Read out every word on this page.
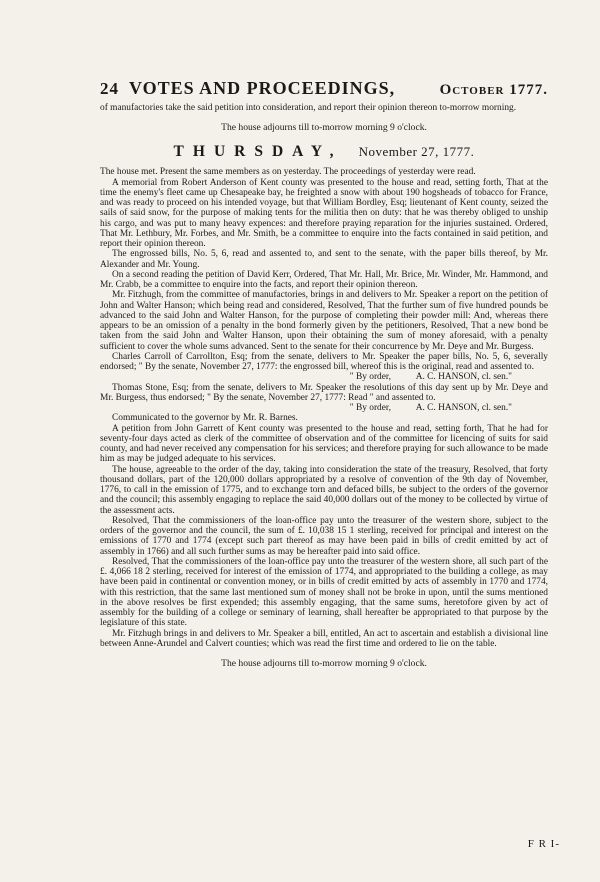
24 VOTES AND PROCEEDINGS,	October 1777.

of manufactories take the said petition into consideration, and report their opinion thereon to-morrow morning.

The house adjourns till to-morrow morning 9 o'clock.
THURSDAY, November 27, 1777.

The house met. Present the same members as on yesterday. The proceedings of yesterday were read.

A memorial from Robert Anderson of Kent county was presented to the house and read, setting forth, That at the time the enemy's fleet came up Chesapeake bay, he freighted a snow with about 190 hogsheads of tobacco for France, and was ready to proceed on his intended voyage, but that William Bordley, Esq; lieutenant of Kent county, seized the sails of said snow, for the purpose of making tents for the militia then on duty: that he was thereby obliged to unship his cargo, and was put to many heavy expences: and therefore praying reparation for the injuries sustained. Ordered, That Mr. Lethbury, Mr. Forbes, and Mr. Smith, be a committee to enquire into the facts contained in said petition, and report their opinion thereon.

The engrossed bills, No. 5, 6, read and assented to, and sent to the senate, with the paper bills thereof, by Mr. Alexander and Mr. Young.

On a second reading the petition of David Kerr, Ordered, That Mr. Hall, Mr. Brice, Mr. Winder, Mr. Hammond, and Mr. Crabb, be a committee to enquire into the facts, and report their opinion thereon.

Mr. Fitzhugh, from the committee of manufactories, brings in and delivers to Mr. Speaker a report on the petition of John and Walter Hanson; which being read and considered, Resolved, That the further sum of five hundred pounds be advanced to the said John and Walter Hanson, for the purpose of completing their powder mill: And, whereas there appears to be an omission of a penalty in the bond formerly given by the petitioners, Resolved, That a new bond be taken from the said John and Walter Hanson, upon their obtaining the sum of money aforesaid, with a penalty sufficient to cover the whole sums advanced. Sent to the senate for their concurrence by Mr. Deye and Mr. Burgess.

Charles Carroll of Carrollton, Esq; from the senate, delivers to Mr. Speaker the paper bills, No. 5, 6, severally endorsed; " By the senate, November 27, 1777: the engrossed bill, whereof this is the original, read and assented to.

" By order,	A. C. HANSON, cl. sen."

Thomas Stone, Esq; from the senate, delivers to Mr. Speaker the resolutions of this day sent up by Mr. Deye and Mr. Burgess, thus endorsed; " By the senate, November 27, 1777: Read " and assented to.

" By order,	A. C. HANSON, cl. sen."

Communicated to the governor by Mr. R. Barnes.

A petition from John Garrett of Kent county was presented to the house and read, setting forth, That he had for seventy-four days acted as clerk of the committee of observation and of the committee for licencing of suits for said county, and had never received any compensation for his services; and therefore praying for such allowance to be made him as may be judged adequate to his services.

The house, agreeable to the order of the day, taking into consideration the state of the treasury, Resolved, that forty thousand dollars, part of the 120,000 dollars appropriated by a resolve of convention of the 9th day of November, 1776, to call in the emission of 1775, and to exchange torn and defaced bills, be subject to the orders of the governor and the council; this assembly engaging to replace the said 40,000 dollars out of the money to be collected by virtue of the assessment acts.

Resolved, That the commissioners of the loan-office pay unto the treasurer of the western shore, subject to the orders of the governor and the council, the sum of £. 10,038 15 1 sterling, received for principal and interest on the emissions of 1770 and 1774 (except such part thereof as may have been paid in bills of credit emitted by act of assembly in 1766) and all such further sums as may be hereafter paid into said office.

Resolved, That the commissioners of the loan-office pay unto the treasurer of the western shore, all such part of the £. 4,066 18 2 sterling, received for interest of the emission of 1774, and appropriated to the building a college, as may have been paid in continental or convention money, or in bills of credit emitted by acts of assembly in 1770 and 1774, with this restriction, that the same last mentioned sum of money shall not be broke in upon, until the sums mentioned in the above resolves be first expended; this assembly engaging, that the same sums, heretofore given by act of assembly for the building of a college or seminary of learning, shall hereafter be appropriated to that purpose by the legislature of this state.

Mr. Fitzhugh brings in and delivers to Mr. Speaker a bill, entitled, An act to ascertain and establish a divisional line between Anne-Arundel and Calvert counties; which was read the first time and ordered to lie on the table.

The house adjourns till to-morrow morning 9 o'clock.
F R I-
